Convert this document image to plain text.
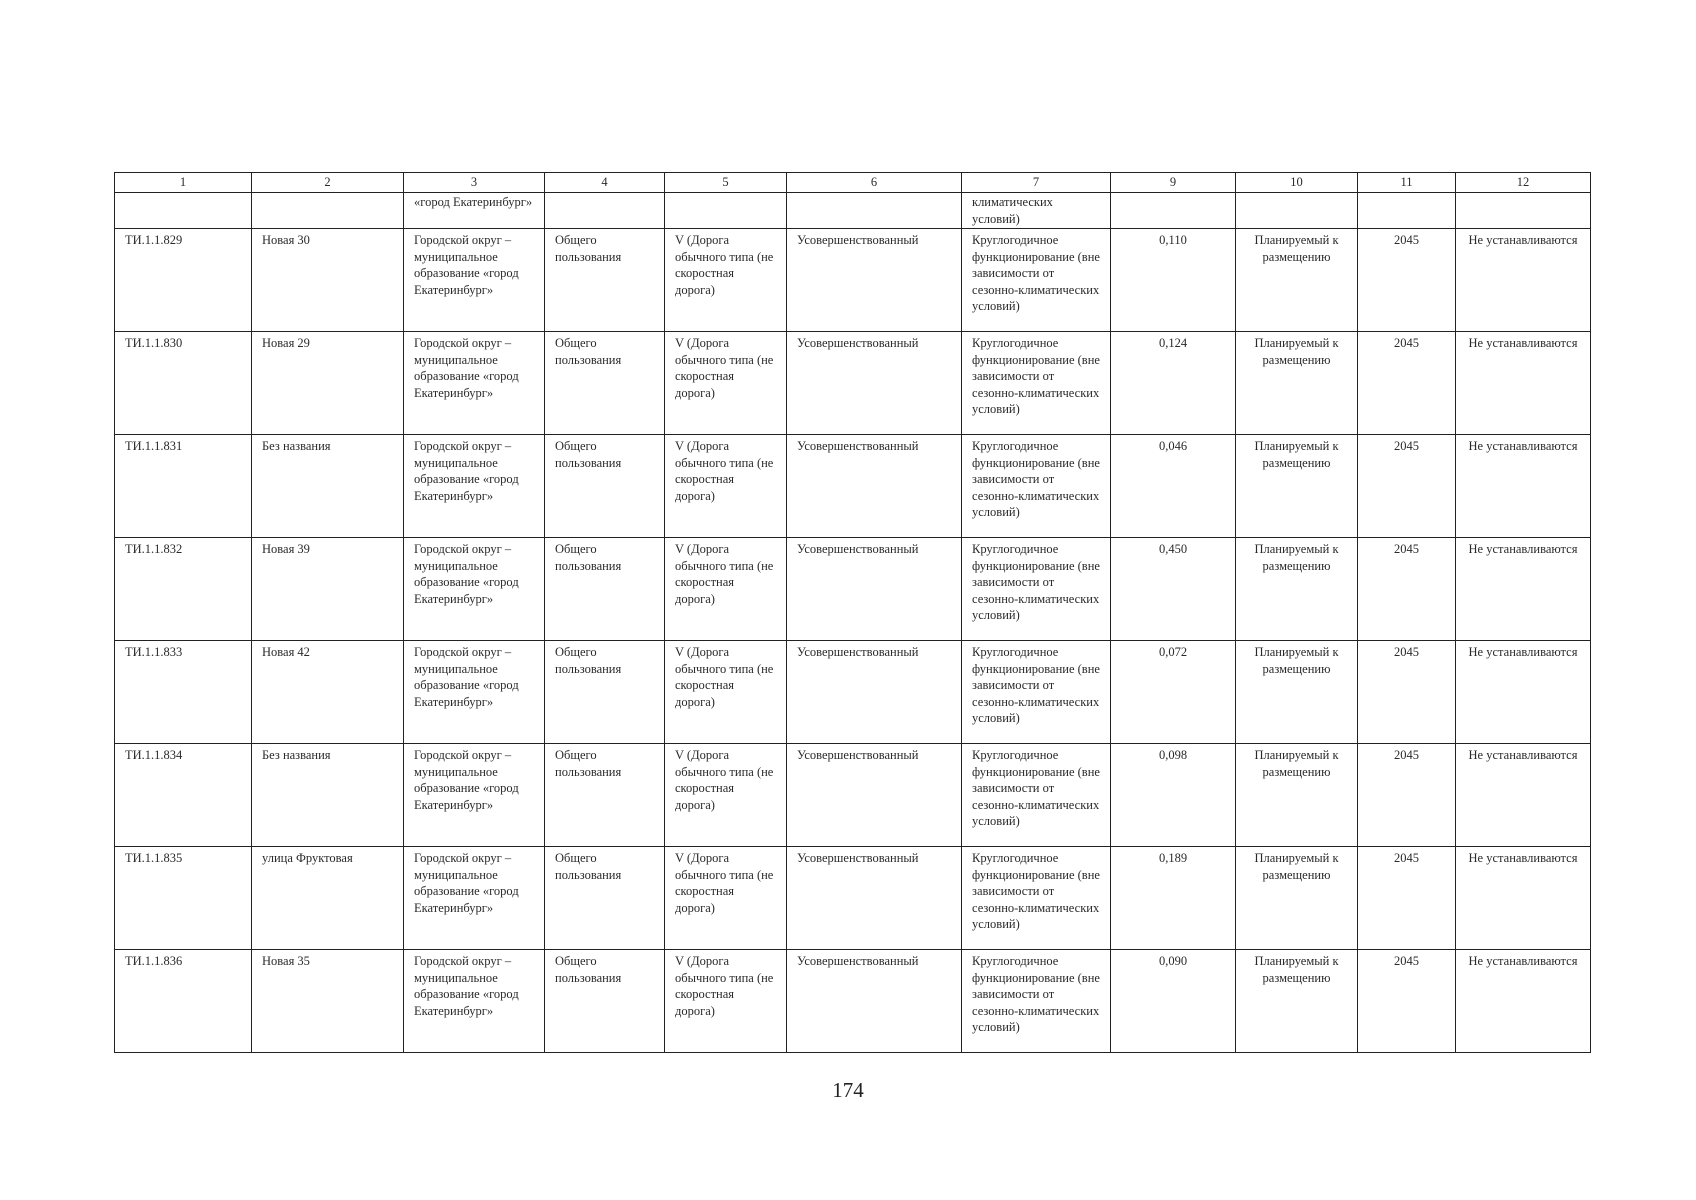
1	2	3	4	5	6	7	9	10	11	12
		«город Екатеринбург»				климатических условий)				
ТИ.1.1.829	Новая 30	Городской округ – муниципальное образование «город Екатеринбург»	Общего пользования	V (Дорога обычного типа (не скоростная дорога)	Усовершенствованный	Круглогодичное функционирование (вне зависимости от сезонно-климатических условий)	0,110	Планируемый к размещению	2045	Не устанавливаются
ТИ.1.1.830	Новая 29	Городской округ – муниципальное образование «город Екатеринбург»	Общего пользования	V (Дорога обычного типа (не скоростная дорога)	Усовершенствованный	Круглогодичное функционирование (вне зависимости от сезонно-климатических условий)	0,124	Планируемый к размещению	2045	Не устанавливаются
ТИ.1.1.831	Без названия	Городской округ – муниципальное образование «город Екатеринбург»	Общего пользования	V (Дорога обычного типа (не скоростная дорога)	Усовершенствованный	Круглогодичное функционирование (вне зависимости от сезонно-климатических условий)	0,046	Планируемый к размещению	2045	Не устанавливаются
ТИ.1.1.832	Новая 39	Городской округ – муниципальное образование «город Екатеринбург»	Общего пользования	V (Дорога обычного типа (не скоростная дорога)	Усовершенствованный	Круглогодичное функционирование (вне зависимости от сезонно-климатических условий)	0,450	Планируемый к размещению	2045	Не устанавливаются
ТИ.1.1.833	Новая 42	Городской округ – муниципальное образование «город Екатеринбург»	Общего пользования	V (Дорога обычного типа (не скоростная дорога)	Усовершенствованный	Круглогодичное функционирование (вне зависимости от сезонно-климатических условий)	0,072	Планируемый к размещению	2045	Не устанавливаются
ТИ.1.1.834	Без названия	Городской округ – муниципальное образование «город Екатеринбург»	Общего пользования	V (Дорога обычного типа (не скоростная дорога)	Усовершенствованный	Круглогодичное функционирование (вне зависимости от сезонно-климатических условий)	0,098	Планируемый к размещению	2045	Не устанавливаются
ТИ.1.1.835	улица Фруктовая	Городской округ – муниципальное образование «город Екатеринбург»	Общего пользования	V (Дорога обычного типа (не скоростная дорога)	Усовершенствованный	Круглогодичное функционирование (вне зависимости от сезонно-климатических условий)	0,189	Планируемый к размещению	2045	Не устанавливаются
ТИ.1.1.836	Новая 35	Городской округ – муниципальное образование «город Екатеринбург»	Общего пользования	V (Дорога обычного типа (не скоростная дорога)	Усовершенствованный	Круглогодичное функционирование (вне зависимости от сезонно-климатических условий)	0,090	Планируемый к размещению	2045	Не устанавливаются
174
